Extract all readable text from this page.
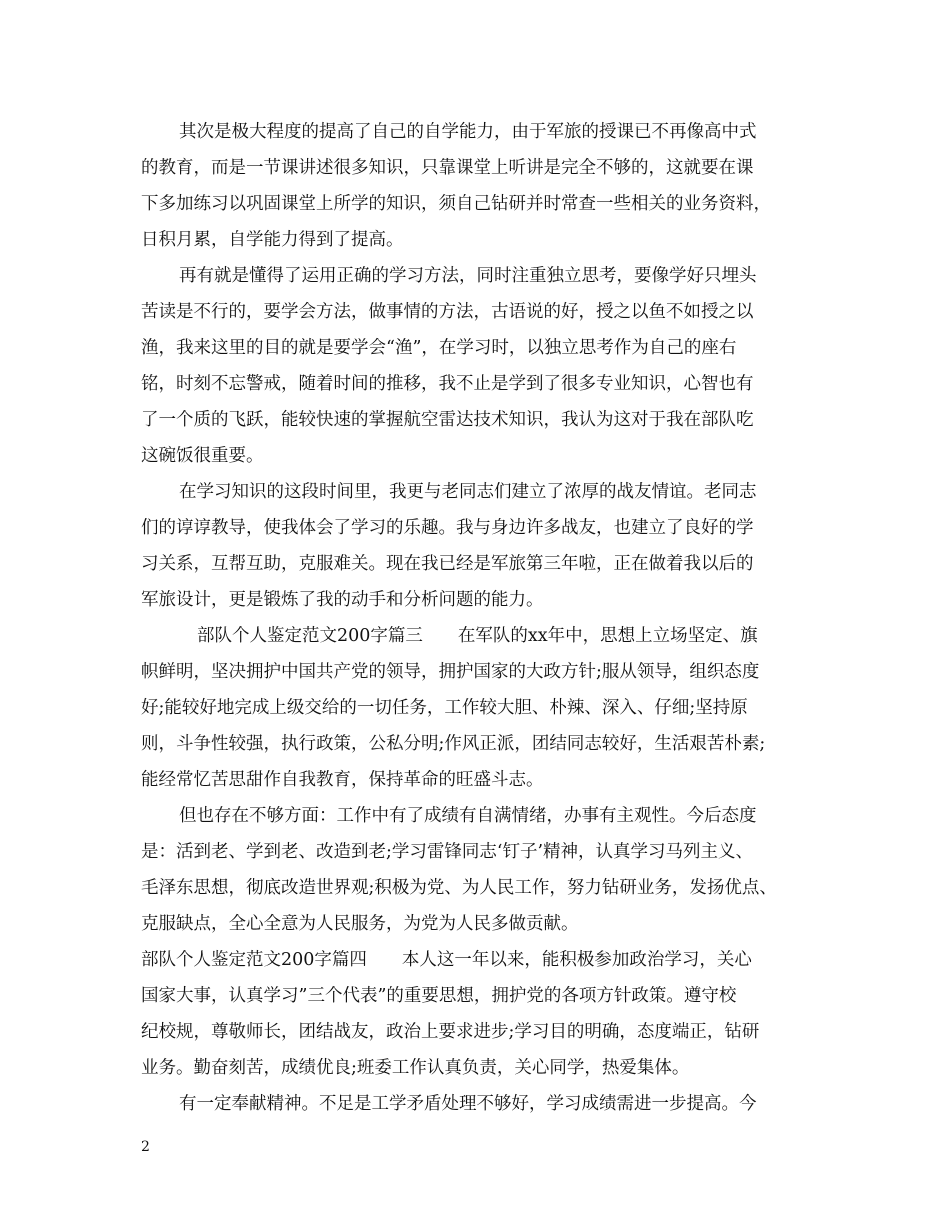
其次是极大程度的提高了自己的自学能力，由于军旅的授课已不再像高中式
的教育，而是一节课讲述很多知识，只靠课堂上听讲是完全不够的，这就要在课
下多加练习以巩固课堂上所学的知识，须自己钻研并时常查一些相关的业务资料，
日积月累，自学能力得到了提高。
再有就是懂得了运用正确的学习方法，同时注重独立思考，要像学好只埋头
苦读是不行的，要学会方法，做事情的方法，古语说的好，授之以鱼不如授之以
渔，我来这里的目的就是要学会“渔”，在学习时，以独立思考作为自己的座右
铭，时刻不忘警戒，随着时间的推移，我不止是学到了很多专业知识，心智也有
了一个质的飞跃，能较快速的掌握航空雷达技术知识，我认为这对于我在部队吃
这碗饭很重要。
在学习知识的这段时间里，我更与老同志们建立了浓厚的战友情谊。老同志
们的谆谆教导，使我体会了学习的乐趣。我与身边许多战友，也建立了良好的学
习关系，互帮互助，克服难关。现在我已经是军旅第三年啦，正在做着我以后的
军旅设计，更是锻炼了我的动手和分析问题的能力。
部队个人鉴定范文200字篇三　　在军队的xx年中，思想上立场坚定、旗
帜鲜明，坚决拥护中国共产党的领导，拥护国家的大政方针;服从领导，组织态度
好;能较好地完成上级交给的一切任务，工作较大胆、朴辣、深入、仔细;坚持原
则，斗争性较强，执行政策，公私分明;作风正派，团结同志较好，生活艰苦朴素;
能经常忆苦思甜作自我教育，保持革命的旺盛斗志。
但也存在不够方面：工作中有了成绩有自满情绪，办事有主观性。今后态度
是：活到老、学到老、改造到老;学习雷锋同志‘钉子’精神，认真学习马列主义、
毛泽东思想，彻底改造世界观;积极为党、为人民工作，努力钻研业务，发扬优点、
克服缺点，全心全意为人民服务，为党为人民多做贡献。
部队个人鉴定范文200字篇四　　本人这一年以来，能积极参加政治学习，关心
国家大事，认真学习”三个代表”的重要思想，拥护党的各项方针政策。遵守校
纪校规，尊敬师长，团结战友，政治上要求进步;学习目的明确，态度端正，钻研
业务。勤奋刻苦，成绩优良;班委工作认真负责，关心同学，热爱集体。
有一定奉献精神。不足是工学矛盾处理不够好，学习成绩需进一步提高。今
2
